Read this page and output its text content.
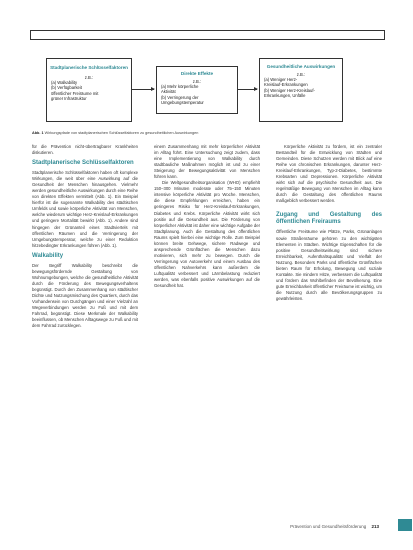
Stadtplanerische Schlüsselfaktoren
z.B.:
(a) Walkability
(b) Verfügbarkeit
öffentlicher Freiräume mit
grüner Infrastruktur
Direkte Effekte
z.B.:
(a) Mehr körperliche
Aktivität
(b) Verringerung der
Umgebungstemperatur
Gesundheitliche Auswirkungen
z.B.:
(a) Weniger Herz-
Kreislauf-Erkrankungen
(b) Weniger Herz-Kreislauf-
Erkrankungen, Unfälle
Abb. 1 Wirkungspfade von stadtplanerischen Schlüsselfaktoren zu gesundheitlichen Auswirkungen

für die Prävention nicht-übertragbarer Krankheiten diskutieren.

Stadtplanerische Schlüsselfaktoren

Stadtplanerische Schlüsselfaktoren haben oft komplexe Wirkungen, die weit über eine Auswirkung auf die Gesundheit der Menschen hinausgehen. Vielmehr werden gesundheitliche Auswirkungen durch eine Reihe von direkten Effekten vermittelt (Abb. 1). Ein Beispiel hierfür ist die sogenannte Walkability des städtischen Umfelds und sowie körperliche Aktivität von Menschen, welche wiederum wichtige Herz-Kreislauf-Erkrankungen und geringere Mortalität bewirkt (Abb. 1). Andere sind hingegen der Grünanteil eines Stadtviertels mit öffentlichen Räumen und die Verringerung der Umgebungstemperatur, welche zu einer Reduktion hitzebedingter Erkrankungen führen (Abb. 1).

Walkability

Der Begriff Walkability beschreibt die bewegungsfördernde Gestaltung von Wohnumgebungen, welche die gesundheitliche Aktivität durch die Förderung des Bewegungsverhaltens begünstigt. Durch den Zusammenhang von städtischer Dichte und Nutzungsmischung des Quartiers, durch das Vorhandensein von Durchgängen und einer Vielzahl an Wegeverbindungen werden zu Fuß und mit dem Fahrrad, begünstigt. Diese Merkmale der Walkability beeinflussen, ob Menschen Alltagswege zu Fuß und mit dem Fahrrad zurücklegen.

einem Zusammenhang mit mehr körperlicher Aktivität im Alltag führt. Eine Untersuchung zeigt zudem, dass eine Implementierung von Walkability durch stadtbauliche Maßnahmen möglich ist und zu einer Steigerung der Bewegungsaktivität von Menschen führen kann.

Die Weltgesundheitsorganisation (WHO) empfiehlt 150–300 Minuten moderate oder 75–150 Minuten intensive körperliche Aktivität pro Woche. Menschen, die diese Empfehlungen erreichen, haben ein geringeres Risiko für Herz-Kreislauf-Erkrankungen, Diabetes und Krebs. Körperliche Aktivität wirkt sich positiv auf die Gesundheit aus. Die Förderung von körperlicher Aktivität ist daher eine wichtige Aufgabe der Stadtplanung. Auch die Gestaltung des öffentlichen Raums spielt hierbei eine wichtige Rolle. Zum Beispiel können breite Gehwege, sichere Radwege und ansprechende Grünflächen die Menschen dazu motivieren, sich mehr zu bewegen. Durch die Verringerung von Autoverkehr und einem Ausbau des öffentlichen Nahverkehrs kann außerdem die Luftqualität verbessert und Lärmbelastung reduziert werden, was ebenfalls positive Auswirkungen auf die Gesundheit hat.

Körperliche Aktivität zu fördern, ist ein zentraler Bestandteil für die Entwicklung von Städten und Gemeinden. Diese Schutzen werden mit Blick auf eine Reihe von chronischen Erkrankungen, darunter Herz-Kreislauf-Erkrankungen, Typ-2-Diabetes, bestimmte Krebsarten und Depressionen. Körperliche Aktivität wirkt sich auf die psychische Gesundheit aus. Die regelmäßige Bewegung von Menschen im Alltag kann durch die Gestaltung des öffentlichen Raums maßgeblich verbessert werden.

Zugang und Gestaltung des öffentlichen Freiraums

Öffentliche Freiräume wie Plätze, Parks, Grünanlagen sowie Straßenräume gehören zu den wichtigsten Elementen in Städten. Wichtige Eigenschaften für die positive Gesundheitswirkung sind sichere Erreichbarkeit, Aufenthaltsqualität und Vielfalt der Nutzung. Besonders Parks und öffentliche Grünflächen bieten Raum für Erholung, Bewegung und soziale Kontakte. Sie mindern Hitze, verbessern die Luftqualität und fördern das Wohlbefinden der Bevölkerung. Eine gute Erreichbarkeit öffentlicher Freiräume ist wichtig, um die Nutzung durch alle Bevölkerungsgruppen zu gewährleisten.

Prävention und Gesundheitsförderung 213
